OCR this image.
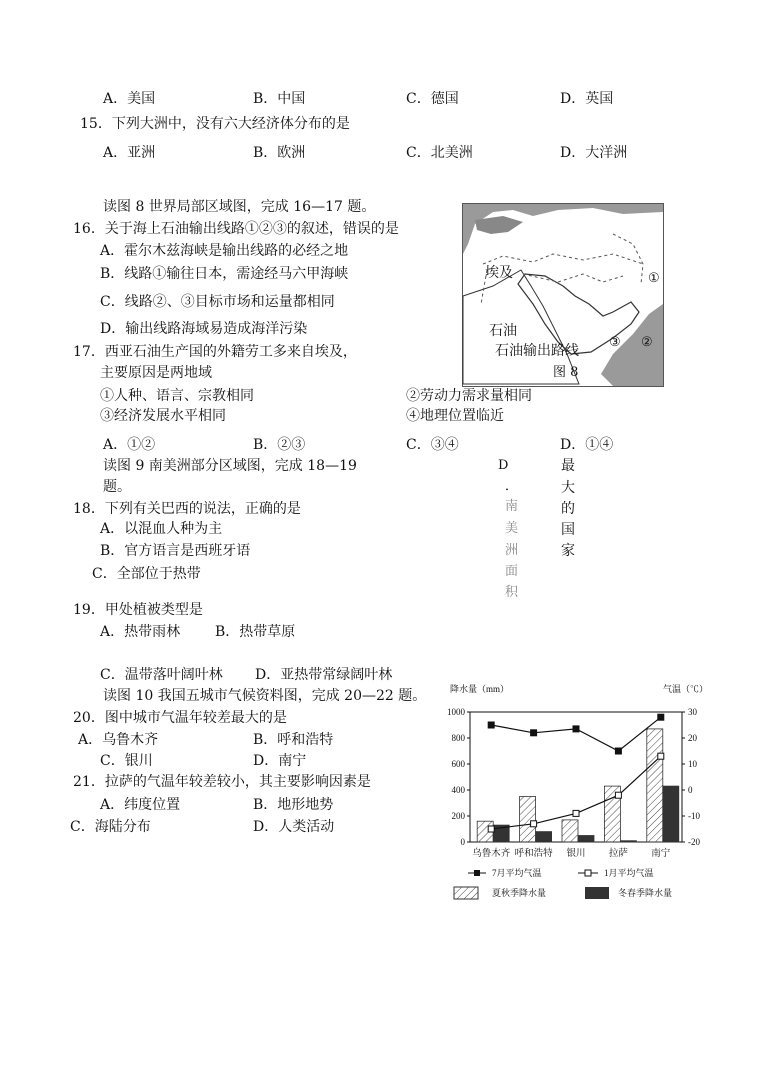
A．美国	B．中国	C．德国	D．英国
15．下列大洲中，没有六大经济体分布的是
A．亚洲	B．欧洲	C．北美洲	D．大洋洲
读图 8 世界局部区域图，完成 16—17 题。
16．关于海上石油输出线路①②③的叙述，错误的是
A．霍尔木兹海峡是输出线路的必经之地
B．线路①输往日本，需途经马六甲海峡
C．线路②、③目标市场和运量都相同
D．输出线路海域易造成海洋污染
17．西亚石油生产国的外籍劳工多来自埃及，
主要原因是两地域
①人种、语言、宗教相同	②劳动力需求量相同
③经济发展水平相同	④地理位置临近
A．①②	B．②③	C．③④	D．①④
埃及	①
石油
石油输出路线
③ ②
图 8
读图 9 南美洲部分区域图，完成 18—19
题。
D
．
南
美
洲
面
积
最
大
的
国
家
18．下列有关巴西的说法，正确的是
A．以混血人种为主
B．官方语言是西班牙语
C．全部位于热带
19．甲处植被类型是
A．热带雨林 B．热带草原
C．温带落叶阔叶林 D．亚热带常绿阔叶林
读图 10 我国五城市气候资料图，完成 20—22 题。
20．图中城市气温年较差最大的是
A．乌鲁木齐	B．呼和浩特
C．银川	D．南宁
21．拉萨的气温年较差较小，其主要影响因素是
A．纬度位置	B．地形地势
C．海陆分布	D．人类活动
降水量（mm）	气温（℃）
0
200
400
600
800
1000
-20
-10
0
10
20
30
乌鲁木齐 呼和浩特 银川 拉萨 南宁
7月平均气温	1月平均气温
夏秋季降水量	冬春季降水量
